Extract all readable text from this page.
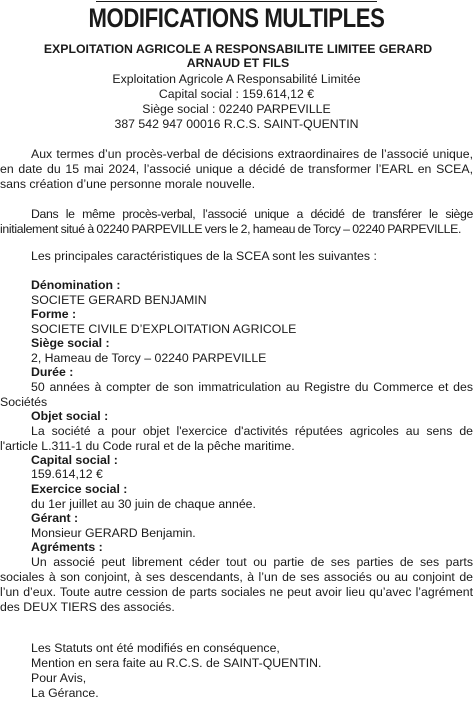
MODIFICATIONS MULTIPLES
EXPLOITATION AGRICOLE A RESPONSABILITE LIMITEE GERARD ARNAUD ET FILS
Exploitation Agricole A Responsabilité Limitée
Capital social : 159.614,12 €
Siège social : 02240 PARPEVILLE
387 542 947 00016 R.C.S. SAINT-QUENTIN

Aux termes d’un procès-verbal de décisions extraordinaires de l’associé unique, en date du 15 mai 2024, l’associé unique a décidé de transformer l’EARL en SCEA, sans création d’une personne morale nouvelle.

Dans le même procès-verbal, l’associé unique a décidé de transférer le siège initialement situé à 02240 PARPEVILLE vers le 2, hameau de Torcy – 02240 PARPEVILLE.

Les principales caractéristiques de la SCEA sont les suivantes :

Dénomination :
SOCIETE GERARD BENJAMIN
Forme :
SOCIETE CIVILE D’EXPLOITATION AGRICOLE
Siège social :
2, Hameau de Torcy – 02240 PARPEVILLE
Durée :

50 années à compter de son immatriculation au Registre du Commerce et des Sociétés

Objet social :

La société a pour objet l'exercice d'activités réputées agricoles au sens de l'article L.311-1 du Code rural et de la pêche maritime.

Capital social :
159.614,12 €
Exercice social :
du 1er juillet au 30 juin de chaque année.
Gérant :
Monsieur GERARD Benjamin.
Agréments :

Un associé peut librement céder tout ou partie de ses parties de ses parts sociales à son conjoint, à ses descendants, à l’un de ses associés ou au conjoint de l’un d’eux. Toute autre cession de parts sociales ne peut avoir lieu qu’avec l’agrément des DEUX TIERS des associés.

Les Statuts ont été modifiés en conséquence,
Mention en sera faite au R.C.S. de SAINT-QUENTIN.
Pour Avis,
La Gérance.
